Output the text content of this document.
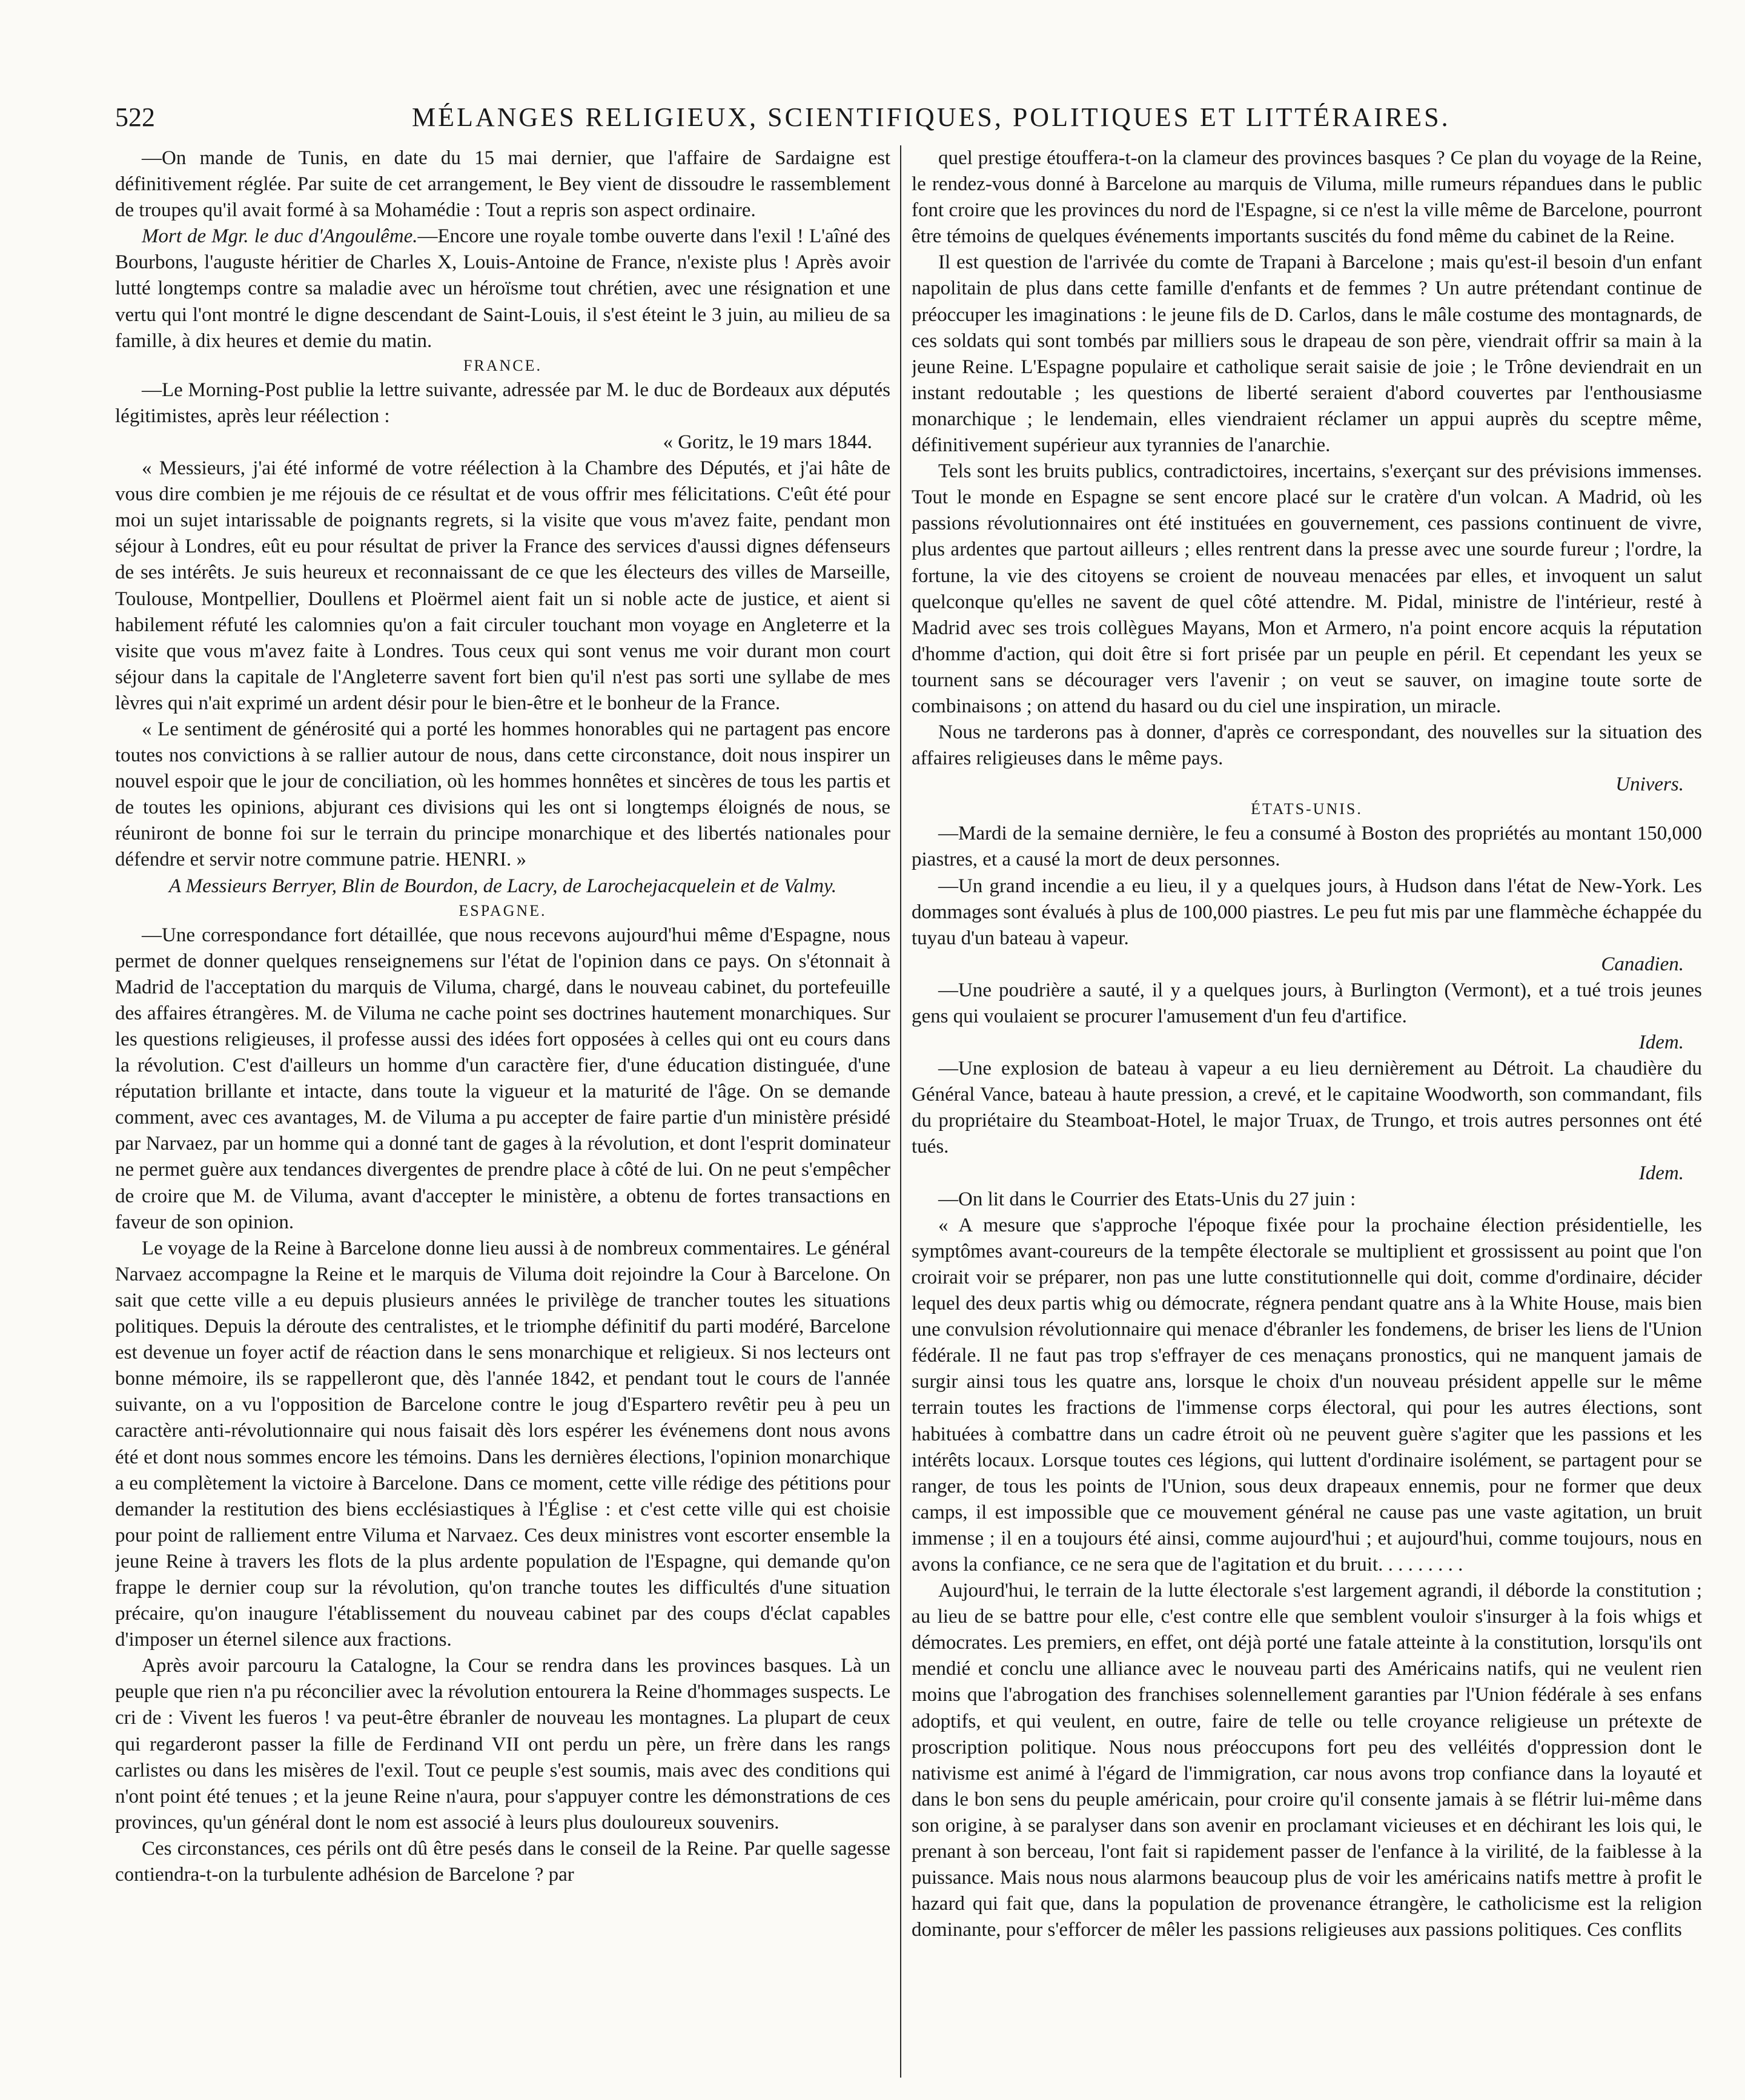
522	MÉLANGES RELIGIEUX, SCIENTIFIQUES, POLITIQUES ET LITTÉRAIRES.

—On mande de Tunis, en date du 15 mai dernier, que l'affaire de Sardaigne est définitivement réglée. Par suite de cet arrangement, le Bey vient de dissoudre le rassemblement de troupes qu'il avait formé à sa Mohamédie : Tout a repris son aspect ordinaire.

Mort de Mgr. le duc d'Angoulême.—Encore une royale tombe ouverte dans l'exil ! L'aîné des Bourbons, l'auguste héritier de Charles X, Louis-Antoine de France, n'existe plus ! Après avoir lutté longtemps contre sa maladie avec un héroïsme tout chrétien, avec une résignation et une vertu qui l'ont montré le digne descendant de Saint-Louis, il s'est éteint le 3 juin, au milieu de sa famille, à dix heures et demie du matin.

FRANCE.

—Le Morning-Post publie la lettre suivante, adressée par M. le duc de Bordeaux aux députés légitimistes, après leur réélection :

« Goritz, le 19 mars 1844.

« Messieurs, j'ai été informé de votre réélection à la Chambre des Députés, et j'ai hâte de vous dire combien je me réjouis de ce résultat et de vous offrir mes félicitations. C'eût été pour moi un sujet intarissable de poignants regrets, si la visite que vous m'avez faite, pendant mon séjour à Londres, eût eu pour résultat de priver la France des services d'aussi dignes défenseurs de ses intérêts. Je suis heureux et reconnaissant de ce que les électeurs des villes de Marseille, Toulouse, Montpellier, Doullens et Ploërmel aient fait un si noble acte de justice, et aient si habilement réfuté les calomnies qu'on a fait circuler touchant mon voyage en Angleterre et la visite que vous m'avez faite à Londres. Tous ceux qui sont venus me voir durant mon court séjour dans la capitale de l'Angleterre savent fort bien qu'il n'est pas sorti une syllabe de mes lèvres qui n'ait exprimé un ardent désir pour le bien-être et le bonheur de la France.

« Le sentiment de générosité qui a porté les hommes honorables qui ne partagent pas encore toutes nos convictions à se rallier autour de nous, dans cette circonstance, doit nous inspirer un nouvel espoir que le jour de conciliation, où les hommes honnêtes et sincères de tous les partis et de toutes les opinions, abjurant ces divisions qui les ont si longtemps éloignés de nous, se réuniront de bonne foi sur le terrain du principe monarchique et des libertés nationales pour défendre et servir notre commune patrie. HENRI. »

A Messieurs Berryer, Blin de Bourdon, de Lacry, de Larochejacquelein et de Valmy.

ESPAGNE.

—Une correspondance fort détaillée, que nous recevons aujourd'hui même d'Espagne, nous permet de donner quelques renseignemens sur l'état de l'opinion dans ce pays. On s'étonnait à Madrid de l'acceptation du marquis de Viluma, chargé, dans le nouveau cabinet, du portefeuille des affaires étrangères. M. de Viluma ne cache point ses doctrines hautement monarchiques. Sur les questions religieuses, il professe aussi des idées fort opposées à celles qui ont eu cours dans la révolution. C'est d'ailleurs un homme d'un caractère fier, d'une éducation distinguée, d'une réputation brillante et intacte, dans toute la vigueur et la maturité de l'âge. On se demande comment, avec ces avantages, M. de Viluma a pu accepter de faire partie d'un ministère présidé par Narvaez, par un homme qui a donné tant de gages à la révolution, et dont l'esprit dominateur ne permet guère aux tendances divergentes de prendre place à côté de lui. On ne peut s'empêcher de croire que M. de Viluma, avant d'accepter le ministère, a obtenu de fortes transactions en faveur de son opinion.

Le voyage de la Reine à Barcelone donne lieu aussi à de nombreux commentaires. Le général Narvaez accompagne la Reine et le marquis de Viluma doit rejoindre la Cour à Barcelone. On sait que cette ville a eu depuis plusieurs années le privilège de trancher toutes les situations politiques. Depuis la déroute des centralistes, et le triomphe définitif du parti modéré, Barcelone est devenue un foyer actif de réaction dans le sens monarchique et religieux. Si nos lecteurs ont bonne mémoire, ils se rappelleront que, dès l'année 1842, et pendant tout le cours de l'année suivante, on a vu l'opposition de Barcelone contre le joug d'Espartero revêtir peu à peu un caractère anti-révolutionnaire qui nous faisait dès lors espérer les événemens dont nous avons été et dont nous sommes encore les témoins. Dans les dernières élections, l'opinion monarchique a eu complètement la victoire à Barcelone. Dans ce moment, cette ville rédige des pétitions pour demander la restitution des biens ecclésiastiques à l'Église : et c'est cette ville qui est choisie pour point de ralliement entre Viluma et Narvaez. Ces deux ministres vont escorter ensemble la jeune Reine à travers les flots de la plus ardente population de l'Espagne, qui demande qu'on frappe le dernier coup sur la révolution, qu'on tranche toutes les difficultés d'une situation précaire, qu'on inaugure l'établissement du nouveau cabinet par des coups d'éclat capables d'imposer un éternel silence aux fractions.

Après avoir parcouru la Catalogne, la Cour se rendra dans les provinces basques. Là un peuple que rien n'a pu réconcilier avec la révolution entourera la Reine d'hommages suspects. Le cri de : Vivent les fueros ! va peut-être ébranler de nouveau les montagnes. La plupart de ceux qui regarderont passer la fille de Ferdinand VII ont perdu un père, un frère dans les rangs carlistes ou dans les misères de l'exil. Tout ce peuple s'est soumis, mais avec des conditions qui n'ont point été tenues ; et la jeune Reine n'aura, pour s'appuyer contre les démonstrations de ces provinces, qu'un général dont le nom est associé à leurs plus douloureux souvenirs.

Ces circonstances, ces périls ont dû être pesés dans le conseil de la Reine. Par quelle sagesse contiendra-t-on la turbulente adhésion de Barcelone ? par

quel prestige étouffera-t-on la clameur des provinces basques ? Ce plan du voyage de la Reine, le rendez-vous donné à Barcelone au marquis de Viluma, mille rumeurs répandues dans le public font croire que les provinces du nord de l'Espagne, si ce n'est la ville même de Barcelone, pourront être témoins de quelques événements importants suscités du fond même du cabinet de la Reine.

Il est question de l'arrivée du comte de Trapani à Barcelone ; mais qu'est-il besoin d'un enfant napolitain de plus dans cette famille d'enfants et de femmes ? Un autre prétendant continue de préoccuper les imaginations : le jeune fils de D. Carlos, dans le mâle costume des montagnards, de ces soldats qui sont tombés par milliers sous le drapeau de son père, viendrait offrir sa main à la jeune Reine. L'Espagne populaire et catholique serait saisie de joie ; le Trône deviendrait en un instant redoutable ; les questions de liberté seraient d'abord couvertes par l'enthousiasme monarchique ; le lendemain, elles viendraient réclamer un appui auprès du sceptre même, définitivement supérieur aux tyrannies de l'anarchie.

Tels sont les bruits publics, contradictoires, incertains, s'exerçant sur des prévisions immenses. Tout le monde en Espagne se sent encore placé sur le cratère d'un volcan. A Madrid, où les passions révolutionnaires ont été instituées en gouvernement, ces passions continuent de vivre, plus ardentes que partout ailleurs ; elles rentrent dans la presse avec une sourde fureur ; l'ordre, la fortune, la vie des citoyens se croient de nouveau menacées par elles, et invoquent un salut quelconque qu'elles ne savent de quel côté attendre. M. Pidal, ministre de l'intérieur, resté à Madrid avec ses trois collègues Mayans, Mon et Armero, n'a point encore acquis la réputation d'homme d'action, qui doit être si fort prisée par un peuple en péril. Et cependant les yeux se tournent sans se décourager vers l'avenir ; on veut se sauver, on imagine toute sorte de combinaisons ; on attend du hasard ou du ciel une inspiration, un miracle.

Nous ne tarderons pas à donner, d'après ce correspondant, des nouvelles sur la situation des affaires religieuses dans le même pays.

Univers.

ÉTATS-UNIS.

—Mardi de la semaine dernière, le feu a consumé à Boston des propriétés au montant 150,000 piastres, et a causé la mort de deux personnes.

—Un grand incendie a eu lieu, il y a quelques jours, à Hudson dans l'état de New-York. Les dommages sont évalués à plus de 100,000 piastres. Le peu fut mis par une flammèche échappée du tuyau d'un bateau à vapeur.

Canadien.

—Une poudrière a sauté, il y a quelques jours, à Burlington (Vermont), et a tué trois jeunes gens qui voulaient se procurer l'amusement d'un feu d'artifice.

Idem.

—Une explosion de bateau à vapeur a eu lieu dernièrement au Détroit. La chaudière du Général Vance, bateau à haute pression, a crevé, et le capitaine Woodworth, son commandant, fils du propriétaire du Steamboat-Hotel, le major Truax, de Trungo, et trois autres personnes ont été tués.

Idem.

—On lit dans le Courrier des Etats-Unis du 27 juin :

« A mesure que s'approche l'époque fixée pour la prochaine élection présidentielle, les symptômes avant-coureurs de la tempête électorale se multiplient et grossissent au point que l'on croirait voir se préparer, non pas une lutte constitutionnelle qui doit, comme d'ordinaire, décider lequel des deux partis whig ou démocrate, régnera pendant quatre ans à la White House, mais bien une convulsion révolutionnaire qui menace d'ébranler les fondemens, de briser les liens de l'Union fédérale. Il ne faut pas trop s'effrayer de ces menaçans pronostics, qui ne manquent jamais de surgir ainsi tous les quatre ans, lorsque le choix d'un nouveau président appelle sur le même terrain toutes les fractions de l'immense corps électoral, qui pour les autres élections, sont habituées à combattre dans un cadre étroit où ne peuvent guère s'agiter que les passions et les intérêts locaux. Lorsque toutes ces légions, qui luttent d'ordinaire isolément, se partagent pour se ranger, de tous les points de l'Union, sous deux drapeaux ennemis, pour ne former que deux camps, il est impossible que ce mouvement général ne cause pas une vaste agitation, un bruit immense ; il en a toujours été ainsi, comme aujourd'hui ; et aujourd'hui, comme toujours, nous en avons la confiance, ce ne sera que de l'agitation et du bruit. . . . . . . . .

Aujourd'hui, le terrain de la lutte électorale s'est largement agrandi, il déborde la constitution ; au lieu de se battre pour elle, c'est contre elle que semblent vouloir s'insurger à la fois whigs et démocrates. Les premiers, en effet, ont déjà porté une fatale atteinte à la constitution, lorsqu'ils ont mendié et conclu une alliance avec le nouveau parti des Américains natifs, qui ne veulent rien moins que l'abrogation des franchises solennellement garanties par l'Union fédérale à ses enfans adoptifs, et qui veulent, en outre, faire de telle ou telle croyance religieuse un prétexte de proscription politique. Nous nous préoccupons fort peu des velléités d'oppression dont le nativisme est animé à l'égard de l'immigration, car nous avons trop confiance dans la loyauté et dans le bon sens du peuple américain, pour croire qu'il consente jamais à se flétrir lui-même dans son origine, à se paralyser dans son avenir en proclamant vicieuses et en déchirant les lois qui, le prenant à son berceau, l'ont fait si rapidement passer de l'enfance à la virilité, de la faiblesse à la puissance. Mais nous nous alarmons beaucoup plus de voir les américains natifs mettre à profit le hazard qui fait que, dans la population de provenance étrangère, le catholicisme est la religion dominante, pour s'efforcer de mêler les passions religieuses aux passions politiques. Ces conflits
